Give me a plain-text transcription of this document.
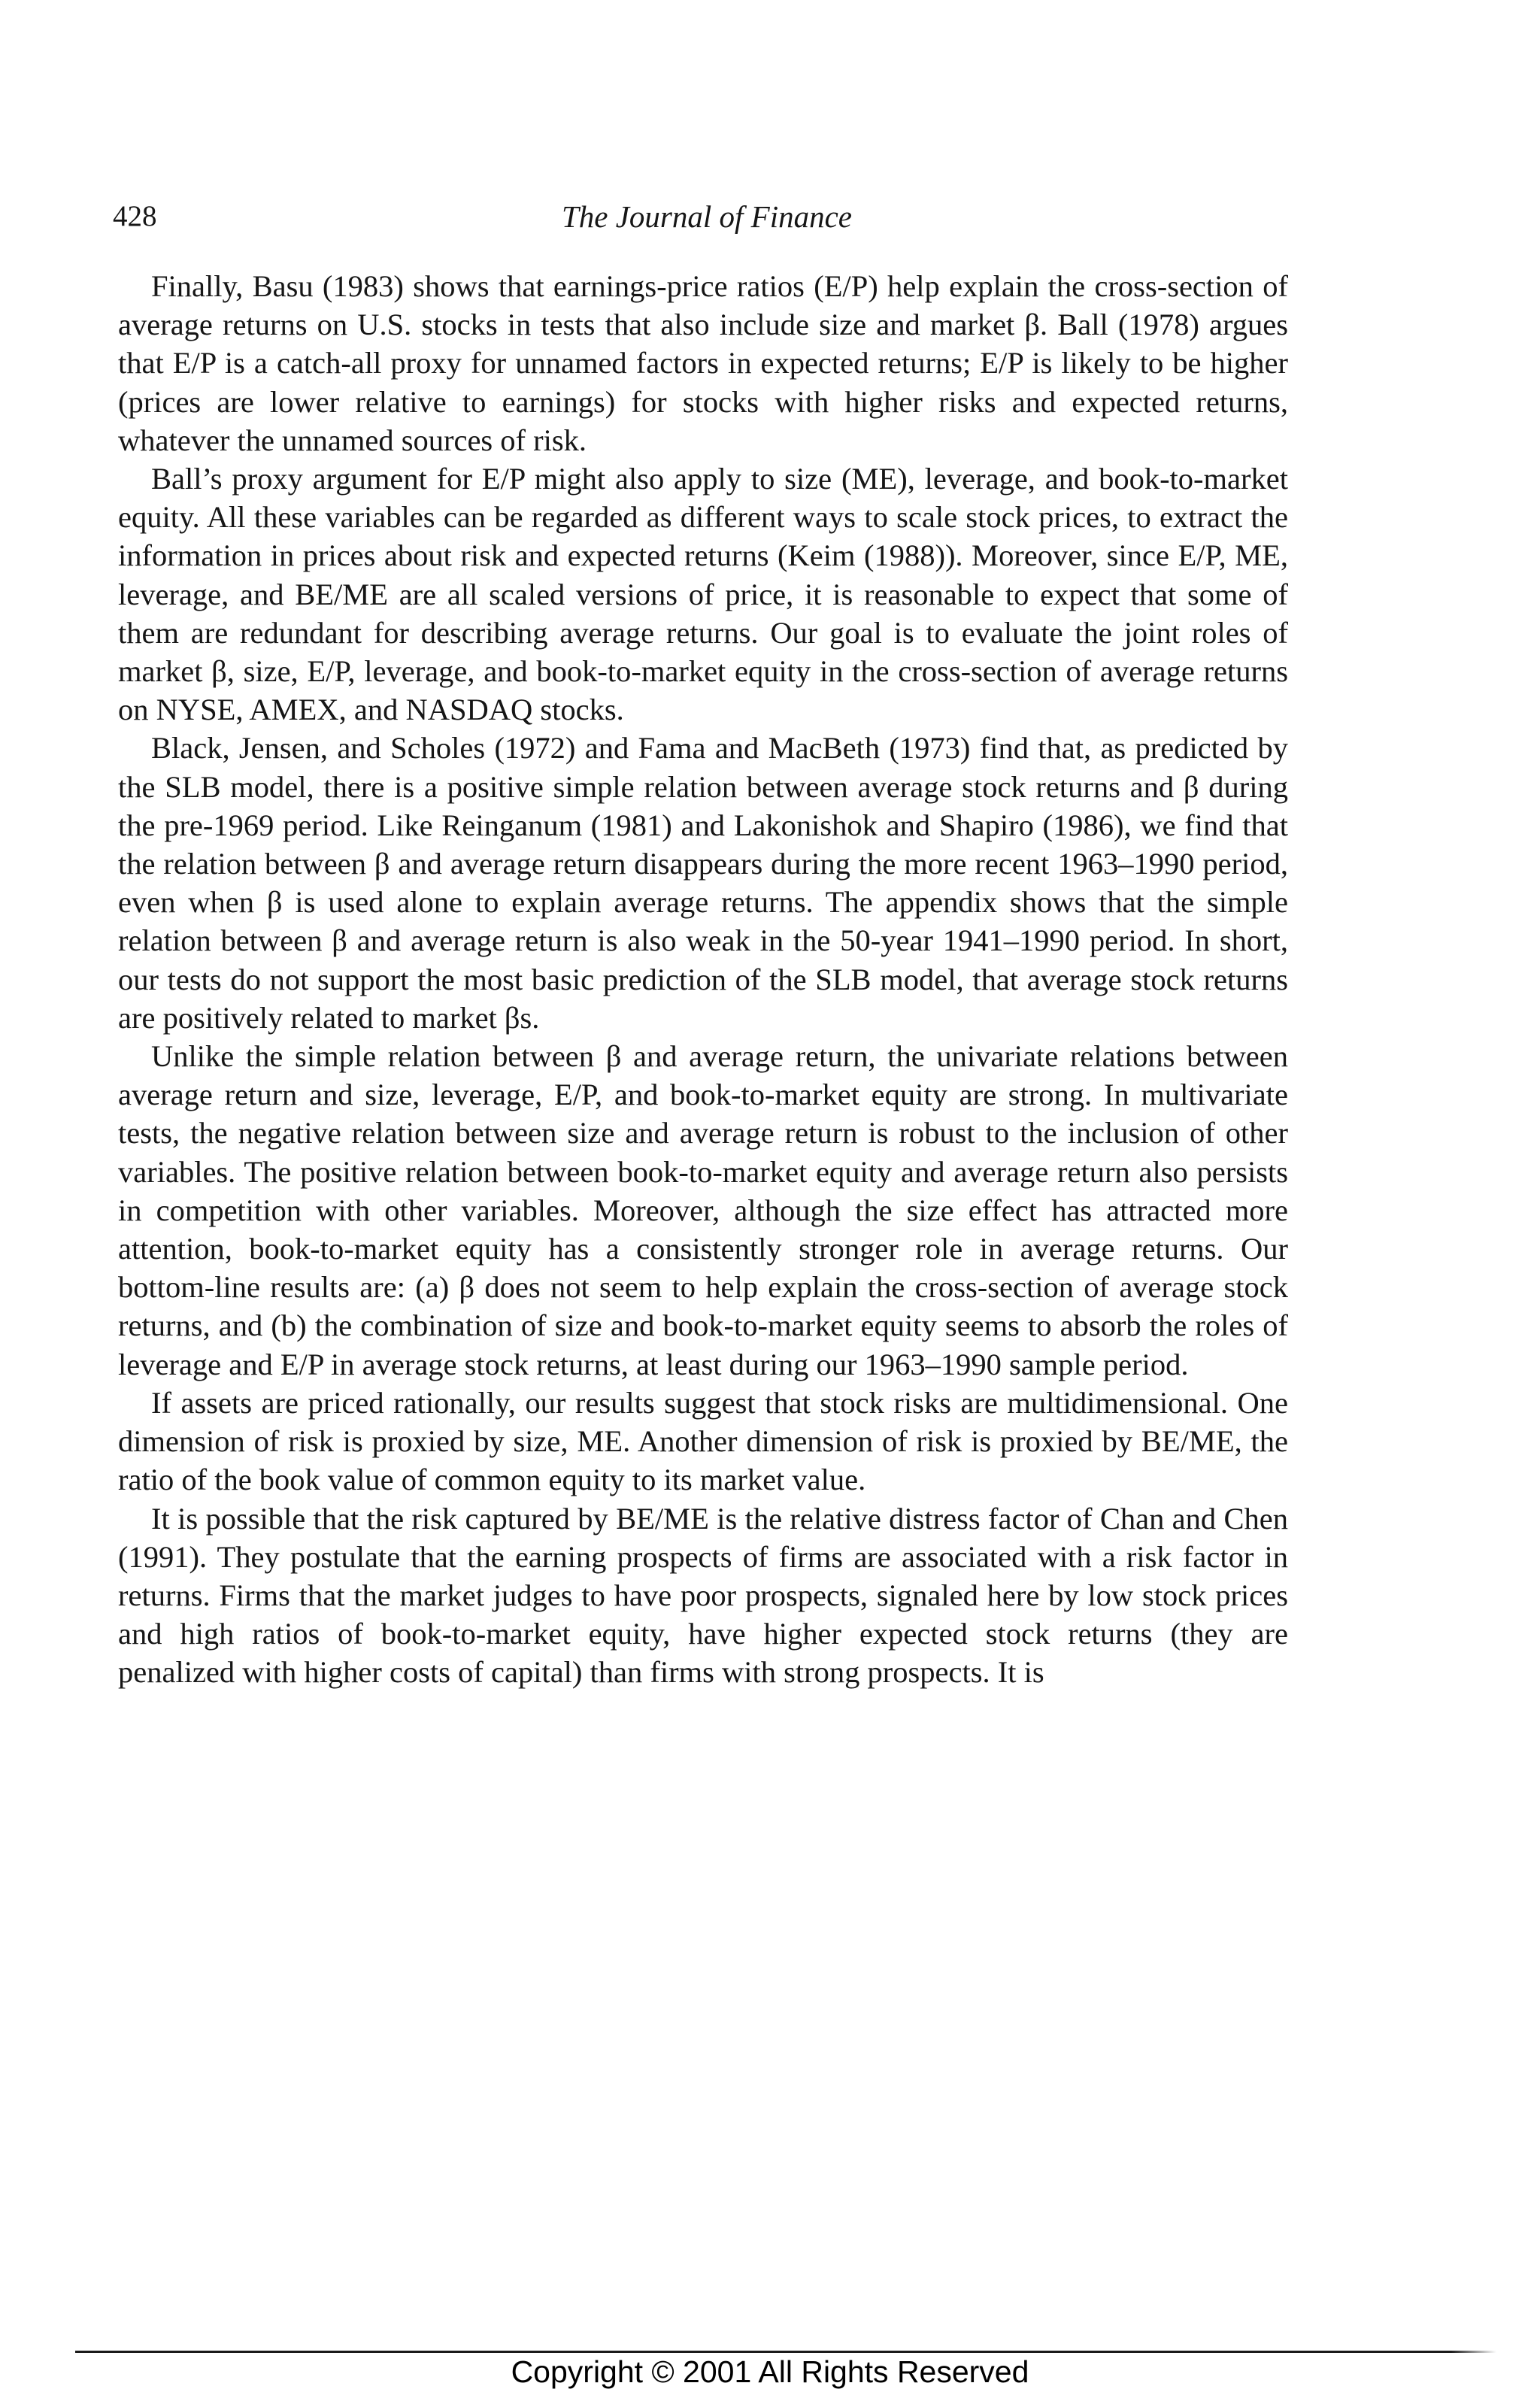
428	The Journal of Finance

Finally, Basu (1983) shows that earnings-price ratios (E/P) help explain the cross-section of average returns on U.S. stocks in tests that also include size and market β. Ball (1978) argues that E/P is a catch-all proxy for unnamed factors in expected returns; E/P is likely to be higher (prices are lower relative to earnings) for stocks with higher risks and expected returns, whatever the unnamed sources of risk.

Ball’s proxy argument for E/P might also apply to size (ME), leverage, and book-to-market equity. All these variables can be regarded as different ways to scale stock prices, to extract the information in prices about risk and expected returns (Keim (1988)). Moreover, since E/P, ME, leverage, and BE/ME are all scaled versions of price, it is reasonable to expect that some of them are redundant for describing average returns. Our goal is to evaluate the joint roles of market β, size, E/P, leverage, and book-to-market equity in the cross-section of average returns on NYSE, AMEX, and NASDAQ stocks.

Black, Jensen, and Scholes (1972) and Fama and MacBeth (1973) find that, as predicted by the SLB model, there is a positive simple relation between average stock returns and β during the pre-1969 period. Like Reinganum (1981) and Lakonishok and Shapiro (1986), we find that the relation between β and average return disappears during the more recent 1963–1990 period, even when β is used alone to explain average returns. The appendix shows that the simple relation between β and average return is also weak in the 50-year 1941–1990 period. In short, our tests do not support the most basic prediction of the SLB model, that average stock returns are positively related to market βs.

Unlike the simple relation between β and average return, the univariate relations between average return and size, leverage, E/P, and book-to-market equity are strong. In multivariate tests, the negative relation between size and average return is robust to the inclusion of other variables. The positive relation between book-to-market equity and average return also persists in competition with other variables. Moreover, although the size effect has attracted more attention, book-to-market equity has a consistently stronger role in average returns. Our bottom-line results are: (a) β does not seem to help explain the cross-section of average stock returns, and (b) the combination of size and book-to-market equity seems to absorb the roles of leverage and E/P in average stock returns, at least during our 1963–1990 sample period.

If assets are priced rationally, our results suggest that stock risks are multidimensional. One dimension of risk is proxied by size, ME. Another dimension of risk is proxied by BE/ME, the ratio of the book value of common equity to its market value.

It is possible that the risk captured by BE/ME is the relative distress factor of Chan and Chen (1991). They postulate that the earning prospects of firms are associated with a risk factor in returns. Firms that the market judges to have poor prospects, signaled here by low stock prices and high ratios of book-to-market equity, have higher expected stock returns (they are penalized with higher costs of capital) than firms with strong prospects. It is

Copyright © 2001 All Rights Reserved
